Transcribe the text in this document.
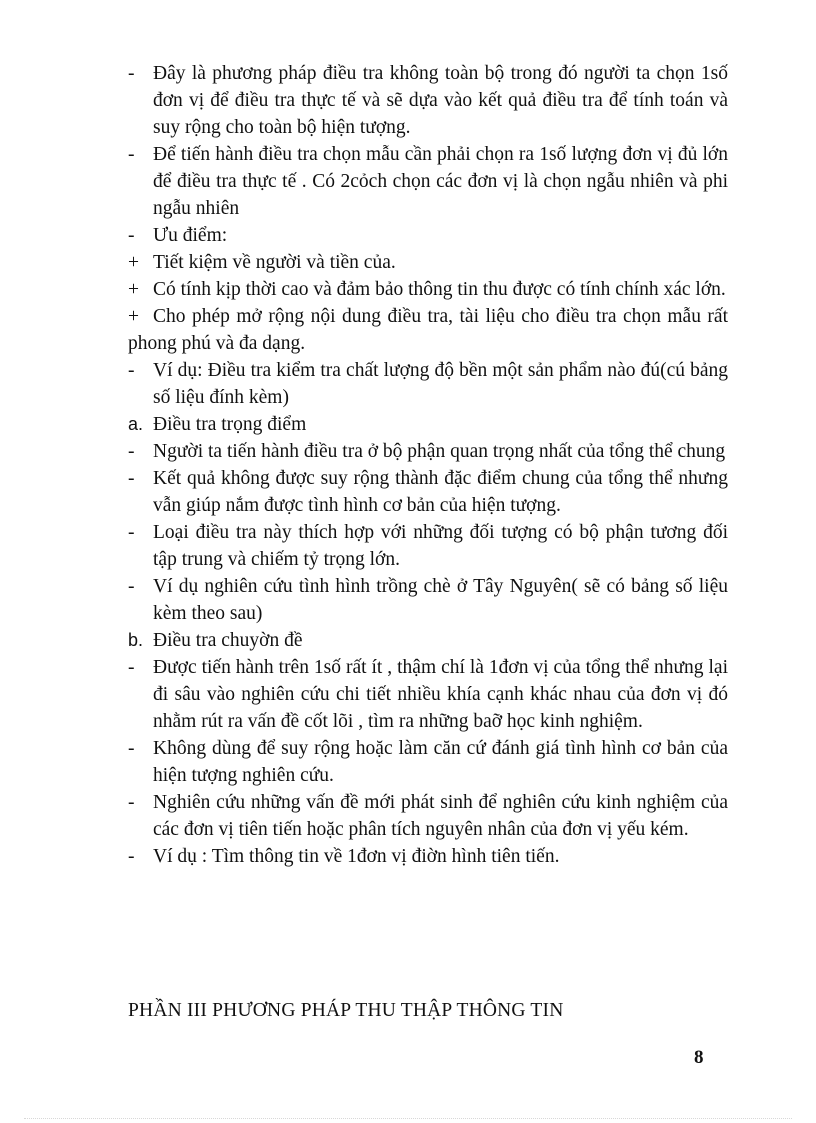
- Đây là phương pháp điều tra không toàn bộ trong đó người ta chọn 1số đơn vị để điều tra thực tế và sẽ dựa vào kết quả điều tra để tính toán và suy rộng cho toàn bộ hiện tượng.
- Để tiến hành điều tra chọn mẫu cần phải chọn ra 1số lượng đơn vị đủ lớn để điều tra thực tế . Có 2cỏch chọn các đơn vị là chọn ngẫu nhiên và phi ngẫu nhiên
- Ưu điểm:
+ Tiết kiệm về người và tiền của.
+ Có tính kịp thời cao và đảm bảo thông tin thu được có tính chính xác lớn.
+ Cho phép mở rộng nội dung điều tra, tài liệu cho điều tra chọn mẫu rất phong phú và đa dạng.
- Ví dụ: Điều tra kiểm tra chất lượng độ bền một sản phẩm nào đú(cú bảng số liệu đính kèm)
a. Điều tra trọng điểm
- Người ta tiến hành điều tra ở bộ phận quan trọng nhất của tổng thể chung
- Kết quả không được suy rộng thành đặc điểm chung của tổng thể nhưng vẫn giúp nắm được tình hình cơ bản của hiện tượng.
- Loại điều tra này thích hợp với những đối tượng có bộ phận tương đối tập trung và chiếm tỷ trọng lớn.
- Ví dụ nghiên cứu tình hình trồng chè ở Tây Nguyên( sẽ có bảng số liệu kèm theo sau)
b. Điều tra chuyờn đề
- Được tiến hành trên 1số rất ít , thậm chí là 1đơn vị của tổng thể nhưng lại đi sâu vào nghiên cứu chi tiết nhiều khía cạnh khác nhau của đơn vị đó nhằm rút ra vấn đề cốt lõi , tìm ra những baỡ học kinh nghiệm.
- Không dùng để suy rộng hoặc làm căn cứ đánh giá tình hình cơ bản của hiện tượng nghiên cứu.
- Nghiên cứu những vấn đề mới phát sinh để nghiên cứu kinh nghiệm của các đơn vị tiên tiến hoặc phân tích nguyên nhân của đơn vị yếu kém.
- Ví dụ : Tìm thông tin về 1đơn vị điờn hình tiên tiến.
PHẦN III PHƯƠNG PHÁP THU THẬP THÔNG TIN
8
